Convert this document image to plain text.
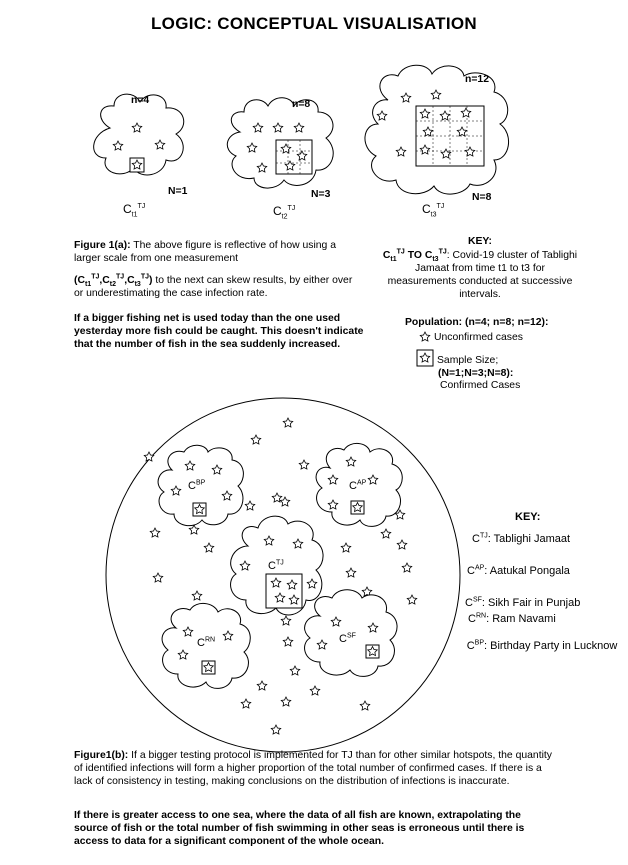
LOGIC: CONCEPTUAL VISUALISATION
n=4
N=1
$C_{t1}^{TJ}$
n=8
N=3
$C_{t2}^{TJ}$
n=12
N=8
$C_{t3}^{TJ}$
Figure 1(a): The above figure is reflective of how using a larger scale from one measurement
$(C_{t1}^{TJ},C_{t2}^{TJ},C_{t3}^{TJ})$ to the next can skew results, by either over or underestimating the case infection rate.
If a bigger fishing net is used today than the one used yesterday more fish could be caught. This doesn't indicate that the number of fish in the sea suddenly increased.
KEY:
$C_{t1}^{TJ}$ TO $C_{t3}^{TJ}$: Covid-19 cluster of Tablighi Jamaat from time t1 to t3 for measurements conducted at successive intervals.
Population: (n=4; n=8; n=12):
Unconfirmed cases
Sample Size;
(N=1;N=3;N=8):
Confirmed Cases
$C^{BP}$	$C^{AP}$
$C^{TJ}$
$C^{RN}$	$C^{SF}$
KEY:
$C^{TJ}$: Tablighi Jamaat
$C^{AP}$: Aatukal Pongala
$C^{SF}$: Sikh Fair in Punjab
$C^{RN}$: Ram Navami
$C^{BP}$: Birthday Party in Lucknow
Figure1(b): If a bigger testing protocol is implemented for TJ than for other similar hotspots, the quantity of identified infections will form a higher proportion of the total number of confirmed cases. If there is a lack of consistency in testing, making conclusions on the distribution of infections is inaccurate.
If there is greater access to one sea, where the data of all fish are known, extrapolating the source of fish or the total number of fish swimming in other seas is erroneous until there is access to data for a significant component of the whole ocean.
